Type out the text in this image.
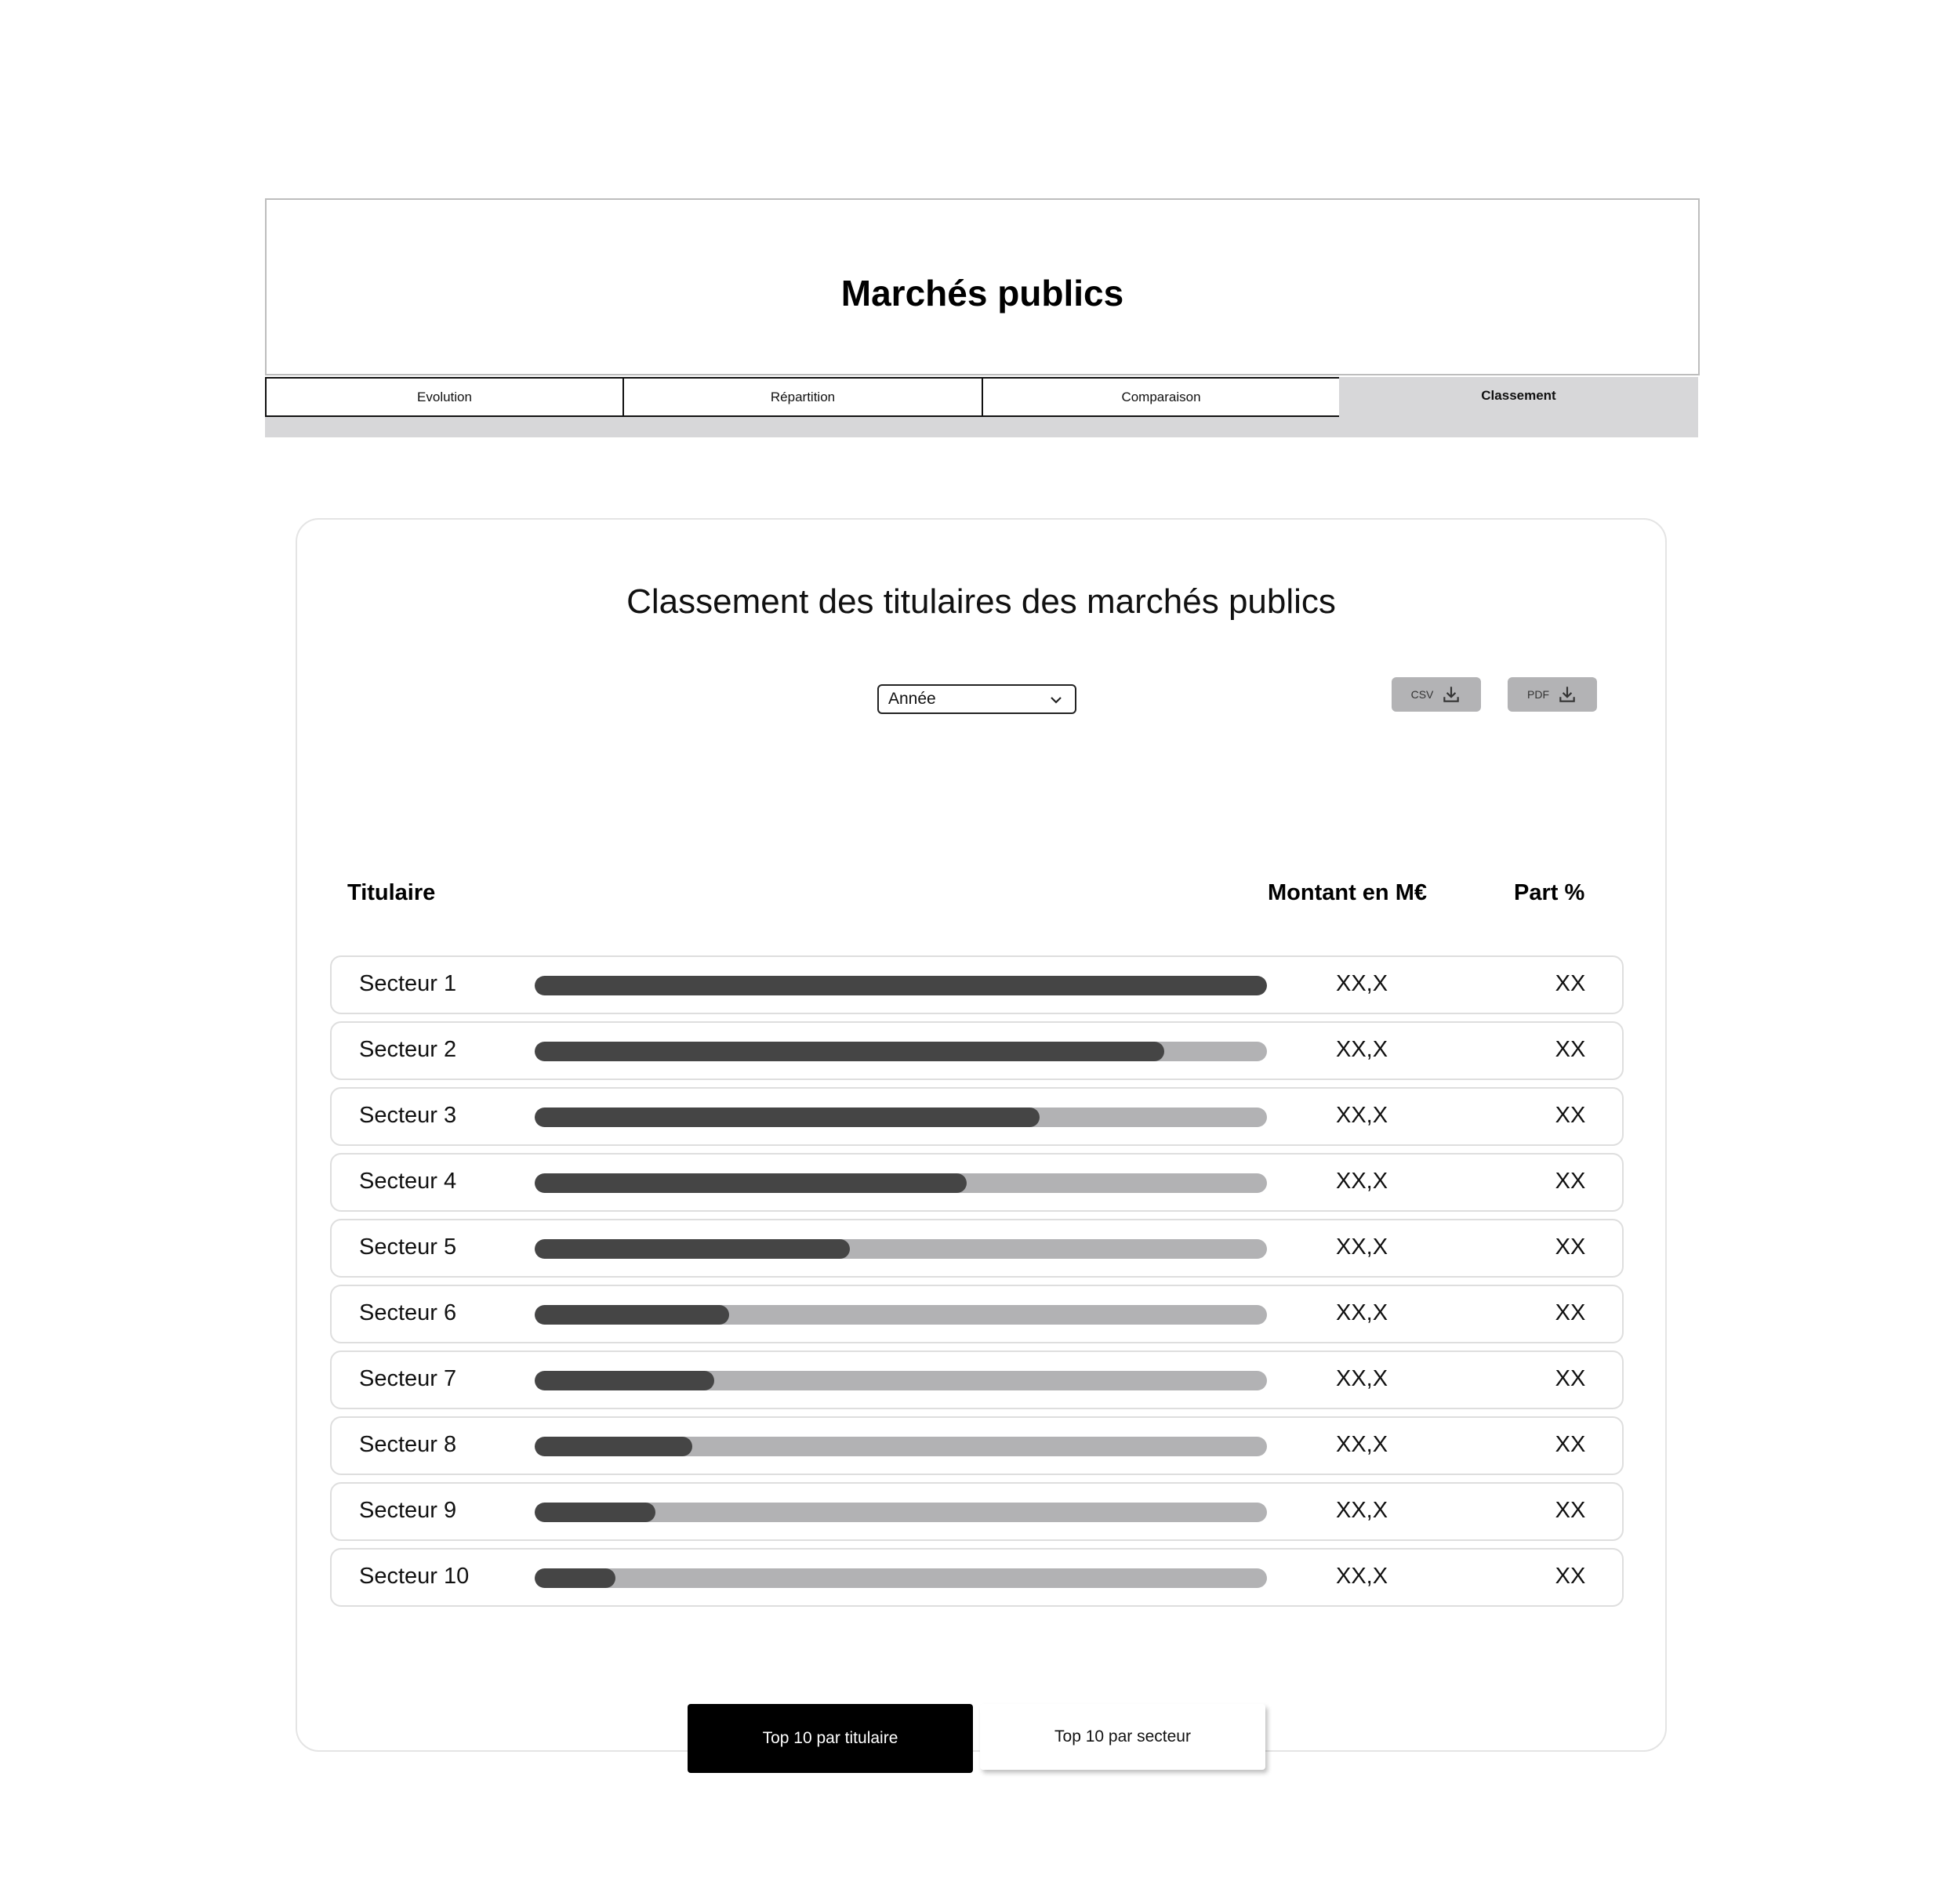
Marchés publics
Evolution	Répartition	Comparaison	Classement
Classement des titulaires des marchés publics
Année	CSV	PDF
Titulaire	Montant en M€	Part %
Secteur 1	XX,X	XX
Secteur 2	XX,X	XX
Secteur 3	XX,X	XX
Secteur 4	XX,X	XX
Secteur 5	XX,X	XX
Secteur 6	XX,X	XX
Secteur 7	XX,X	XX
Secteur 8	XX,X	XX
Secteur 9	XX,X	XX
Secteur 10	XX,X	XX
Top 10 par titulaire	Top 10 par secteur
